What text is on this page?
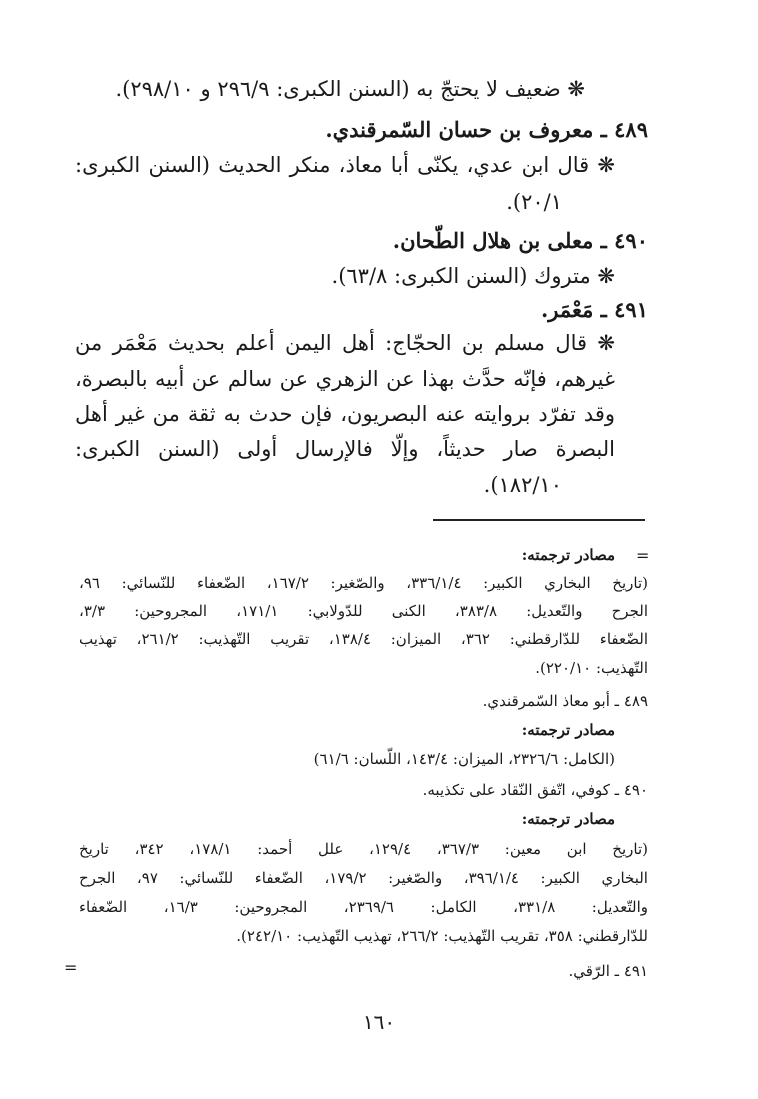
❋ ضعيف لا يحتجّ به (السنن الكبرى: ٢٩٦/٩ و ٢٩٨/١٠).
٤٨٩ ـ معروف بن حسان السّمرقندي.
❋ قال ابن عدي، يكنّى أبا معاذ، منكر الحديث (السنن الكبرى:
٢٠/١).
٤٩٠ ـ معلى بن هلال الطّحان.
❋ متروك (السنن الكبرى: ٦٣/٨).
٤٩١ ـ مَعْمَر.
❋ قال مسلم بن الحجّاج: أهل اليمن أعلم بحديث مَعْمَر من
غيرهم، فإنّه حدَّث بهذا عن الزهري عن سالم عن أبيه بالبصرة،
وقد تفرّد بروايته عنه البصريون، فإن حدث به ثقة من غير أهل
البصرة صار حديثاً، وإلّا فالإرسال أولى (السنن الكبرى:
١٨٢/١٠).
=
مصادر ترجمته:
(تاريخ البخاري الكبير: ٣٣٦/١/٤، والصّغير: ١٦٧/٢، الضّعفاء للنّسائي: ٩٦،
الجرح والتّعديل: ٣٨٣/٨، الكنى للدّولابي: ١٧١/١، المجروحين: ٣/٣،
الضّعفاء للدّارقطني: ٣٦٢، الميزان: ١٣٨/٤، تقريب التّهذيب: ٢٦١/٢، تهذيب
التّهذيب: ٢٢٠/١٠).
٤٨٩ ـ أبو معاذ السّمرقندي.
مصادر ترجمته:
(الكامل: ٢٣٢٦/٦، الميزان: ١٤٣/٤، اللّسان: ٦١/٦)
٤٩٠ ـ كوفي، اتّفق النّقاد على تكذيبه.
مصادر ترجمته:
(تاريخ ابن معين: ٣٦٧/٣، ١٢٩/٤، علل أحمد: ١٧٨/١، ٣٤٢، تاريخ
البخاري الكبير: ٣٩٦/١/٤، والصّغير: ١٧٩/٢، الضّعفاء للنّسائي: ٩٧، الجرح
والتّعديل: ٣٣١/٨، الكامل: ٢٣٦٩/٦، المجروحين: ١٦/٣، الضّعفاء
للدّارقطني: ٣٥٨، تقريب التّهذيب: ٢٦٦/٢، تهذيب التّهذيب: ٢٤٢/١٠).
٤٩١ ـ الرّقي.
=
١٦٠
